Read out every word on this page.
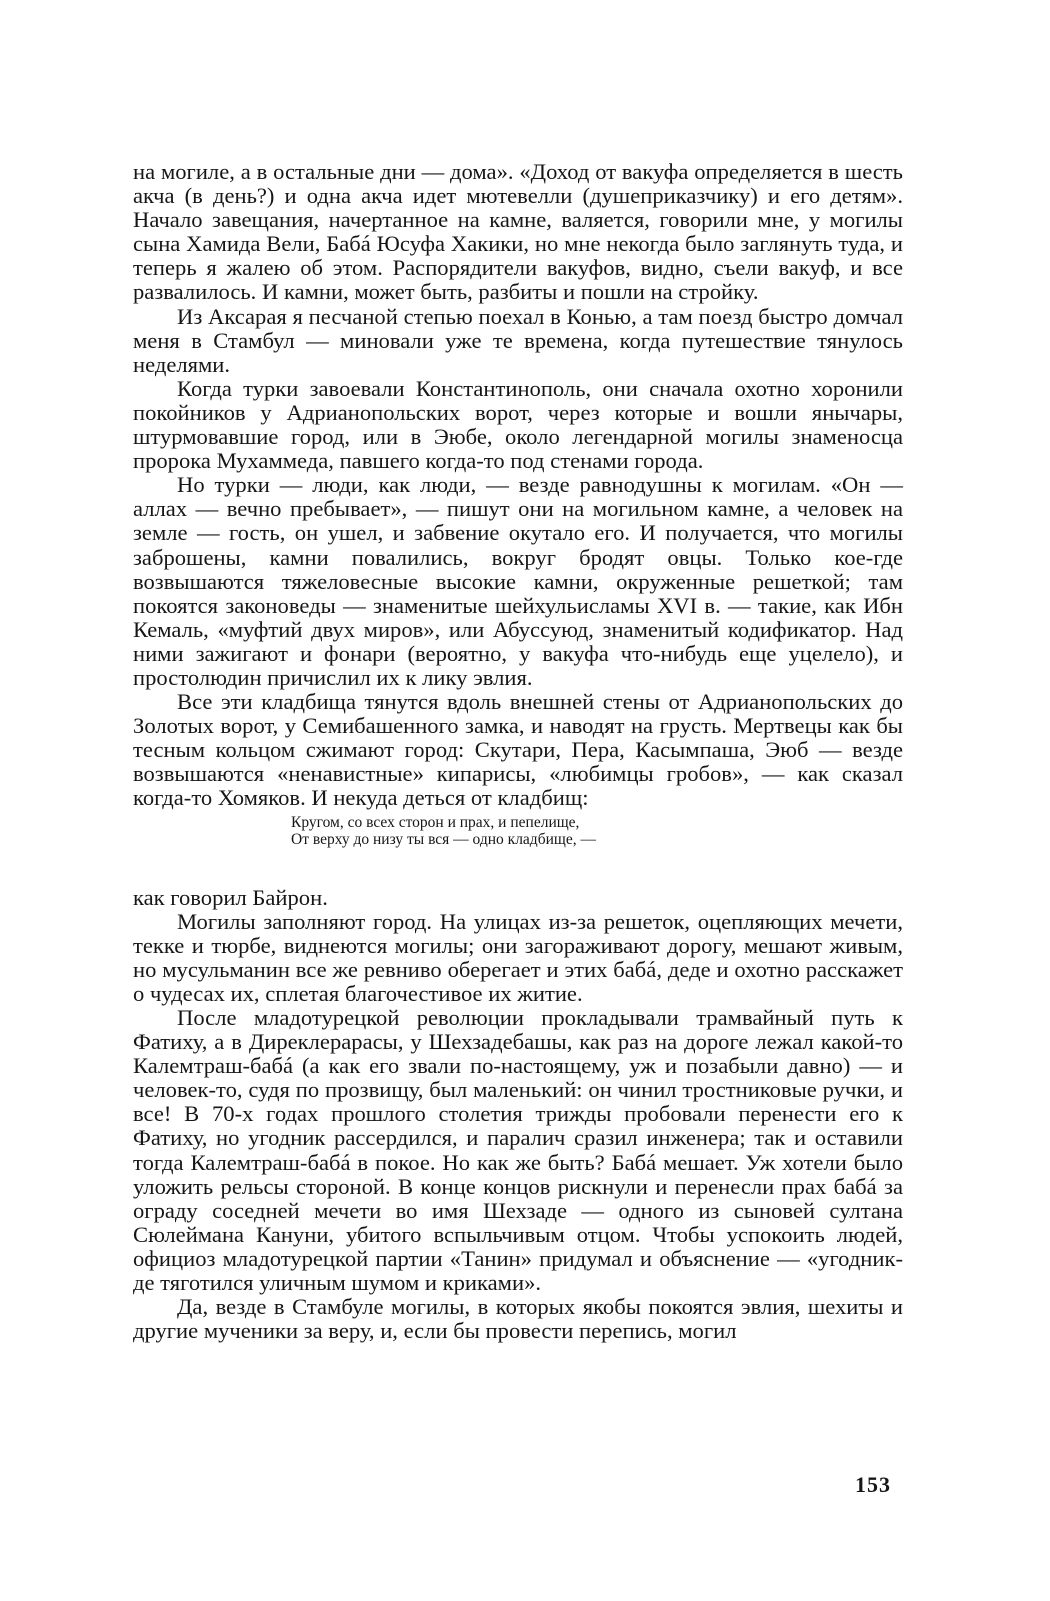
на могиле, а в остальные дни — дома». «Доход от вакуфа определяется в шесть акча (в день?) и одна акча идет мютевелли (душеприказчику) и его детям». Начало завещания, начертанное на камне, валяется, говорили мне, у могилы сына Хамида Вели, Бабá Юсуфа Хакики, но мне некогда было заглянуть туда, и теперь я жалею об этом. Распорядители вакуфов, видно, съели вакуф, и все развалилось. И камни, может быть, разбиты и пошли на стройку.

Из Аксарая я песчаной степью поехал в Конью, а там поезд быстро домчал меня в Стамбул — миновали уже те времена, когда путешествие тянулось неделями.

Когда турки завоевали Константинополь, они сначала охотно хоронили покойников у Адрианопольских ворот, через которые и вошли янычары, штурмовавшие город, или в Эюбе, около легендарной могилы знаменосца пророка Мухаммеда, павшего когда-то под стенами города.

Но турки — люди, как люди, — везде равнодушны к могилам. «Он — аллах — вечно пребывает», — пишут они на могильном камне, а человек на земле — гость, он ушел, и забвение окутало его. И получается, что могилы заброшены, камни повалились, вокруг бродят овцы. Только кое-где возвышаются тяжеловесные высокие камни, окруженные решеткой; там покоятся законоведы — знаменитые шейхульисламы XVI в. — такие, как Ибн Кемаль, «муфтий двух миров», или Абуссуюд, знаменитый кодификатор. Над ними зажигают и фонари (вероятно, у вакуфа что-нибудь еще уцелело), и простолюдин причислил их к лику эвлия.

Все эти кладбища тянутся вдоль внешней стены от Адрианопольских до Золотых ворот, у Семибашенного замка, и наводят на грусть. Мертвецы как бы тесным кольцом сжимают город: Скутари, Пера, Касымпаша, Эюб — везде возвышаются «ненавистные» кипарисы, «любимцы гробов», — как сказал когда-то Хомяков. И некуда деться от кладбищ:

Кругом, со всех сторон и прах, и пепелище,
От верху до низу ты вся — одно кладбище, —

как говорил Байрон.

Могилы заполняют город. На улицах из-за решеток, оцепляющих мечети, текке и тюрбе, виднеются могилы; они загораживают дорогу, мешают живым, но мусульманин все же ревниво оберегает и этих бабá, деде и охотно расскажет о чудесах их, сплетая благочестивое их житие.

После младотурецкой революции прокладывали трамвайный путь к Фатиху, а в Диреклерарасы, у Шехзадебашы, как раз на дороге лежал какой-то Калемтраш-бабá (а как его звали по-настоящему, уж и позабыли давно) — и человек-то, судя по прозвищу, был маленький: он чинил тростниковые ручки, и все! В 70-х годах прошлого столетия трижды пробовали перенести его к Фатиху, но угодник рассердился, и паралич сразил инженера; так и оставили тогда Калемтраш-бабá в покое. Но как же быть? Бабá мешает. Уж хотели было уложить рельсы стороной. В конце концов рискнули и перенесли прах бабá за ограду соседней мечети во имя Шехзаде — одного из сыновей султана Сюлеймана Кануни, убитого вспыльчивым отцом. Чтобы успокоить людей, официоз младотурецкой партии «Танин» придумал и объяснение — «угодник-де тяготился уличным шумом и криками».

Да, везде в Стамбуле могилы, в которых якобы покоятся эвлия, шехиты и другие мученики за веру, и, если бы провести перепись, могил

153
